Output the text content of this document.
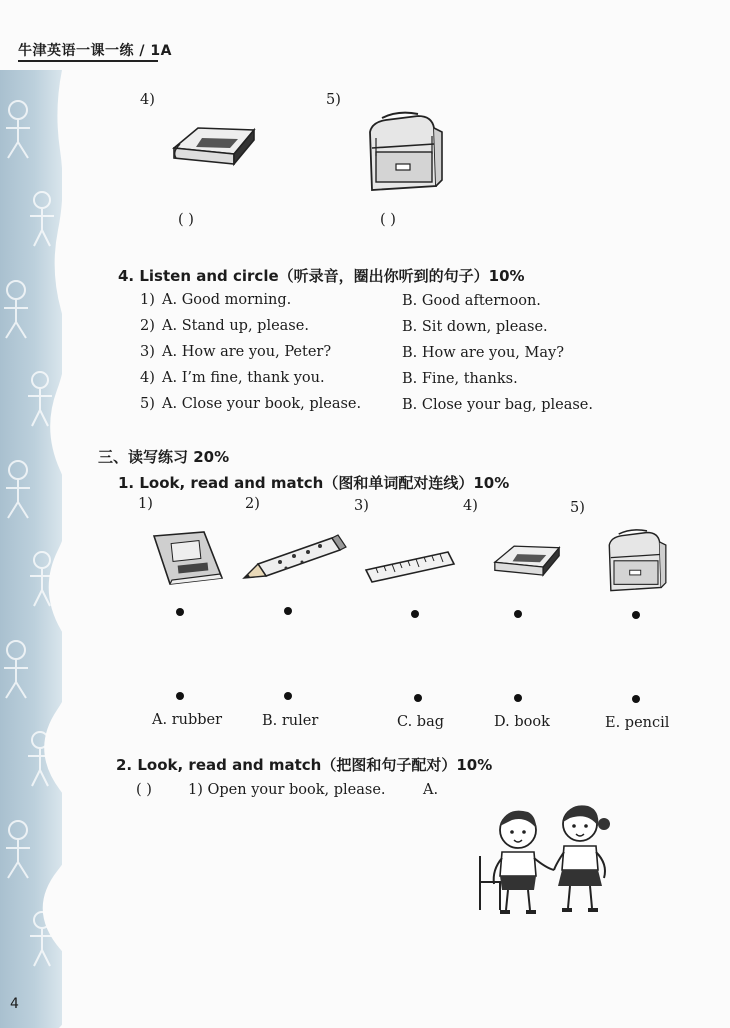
牛津英语一课一练 / 1A
4)
( )
5)
( )
4. Listen and circle（听录音，圈出你听到的句子）10%
1) A. Good morning.	B. Good afternoon.
2) A. Stand up, please.	B. Sit down, please.
3) A. How are you, Peter?	B. How are you, May?
4) A. I’m fine, thank you.	B. Fine, thanks.
5) A. Close your book, please.	B. Close your bag, please.
三、读写练习 20%
1. Look, read and match（图和单词配对连线）10%
1)	2)	3)	4)	5)
A. rubber	B. ruler	C. bag	D. book	E. pencil
2. Look, read and match（把图和句子配对）10%
( ) 1) Open your book, please.	A.
4
